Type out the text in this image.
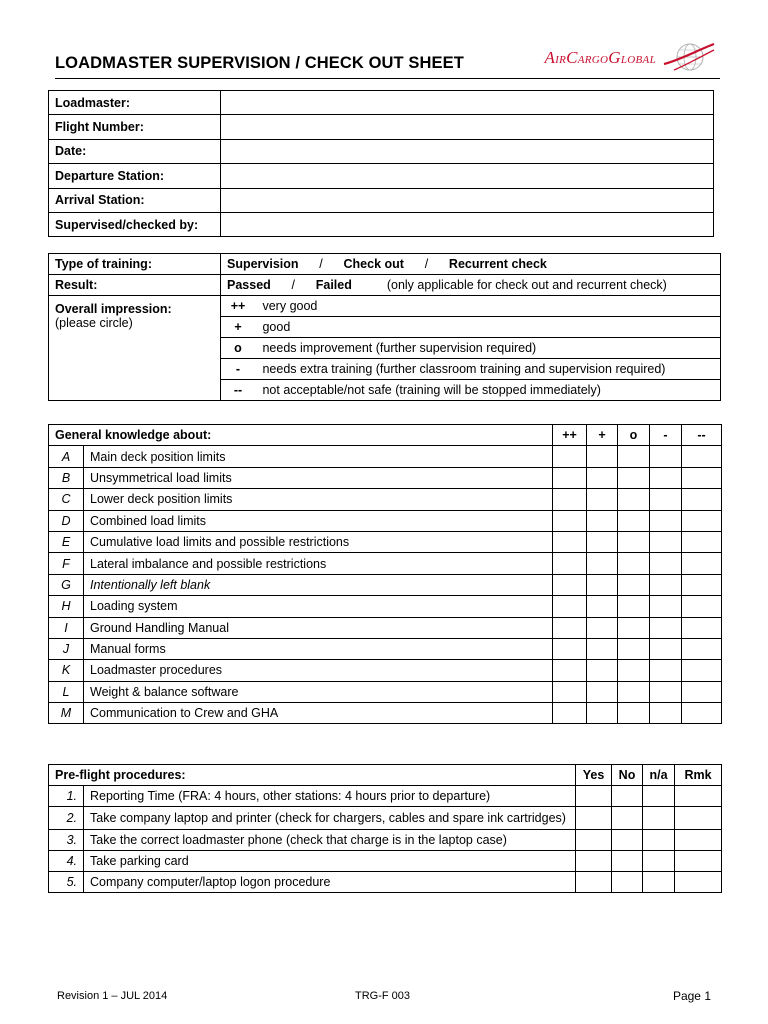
LOADMASTER SUPERVISION / CHECK OUT SHEET	AIRCARGOGLOBAL
Loadmaster:	
Flight Number:	
Date:	
Departure Station:	
Arrival Station:	
Supervised/checked by:	
Type of training:	Supervision / Check out / Recurrent check
Result:	Passed / Failed (only applicable for check out and recurrent check)

Overall impression:
(please circle)	++ very good
	+ good
	o needs improvement (further supervision required)
	- needs extra training (further classroom training and supervision required)
	-- not acceptable/not safe (training will be stopped immediately)
General knowledge about:		++	+	o	-	--
A	Main deck position limits					
B	Unsymmetrical load limits					
C	Lower deck position limits					
D	Combined load limits					
E	Cumulative load limits and possible restrictions					
F	Lateral imbalance and possible restrictions					
G	Intentionally left blank					
H	Loading system					
I	Ground Handling Manual					
J	Manual forms					
K	Loadmaster procedures					
L	Weight & balance software					
M	Communication to Crew and GHA					
Pre-flight procedures:		Yes	No	n/a	Rmk
1.	Reporting Time (FRA: 4 hours, other stations: 4 hours prior to departure)				
2.	Take company laptop and printer (check for chargers, cables and spare ink cartridges)				
3.	Take the correct loadmaster phone (check that charge is in the laptop case)				
4.	Take parking card				
5.	Company computer/laptop logon procedure				
Revision 1 – JUL 2014	TRG-F 003	Page 1
